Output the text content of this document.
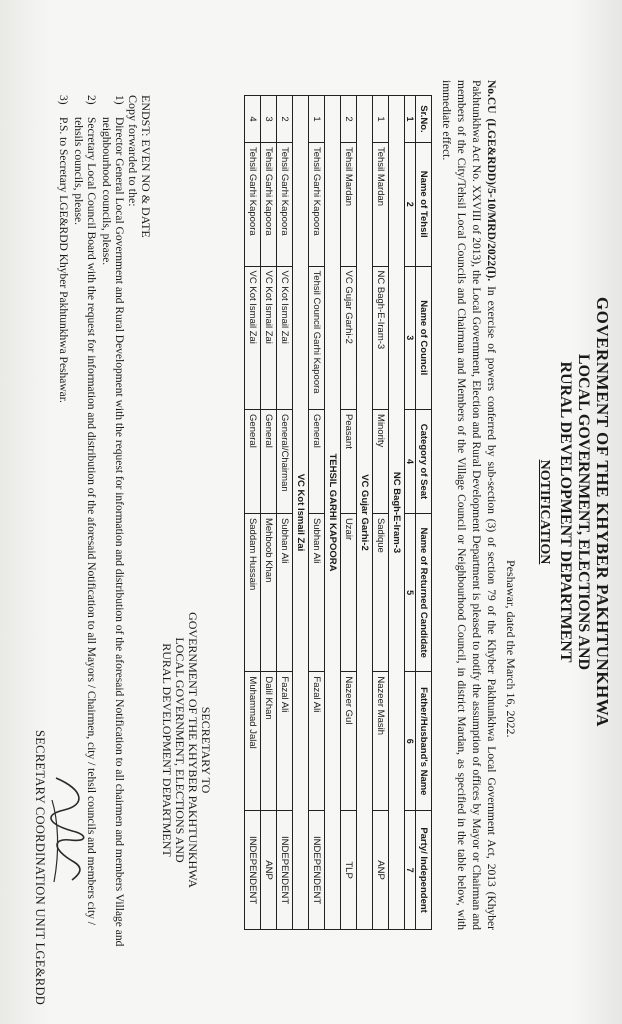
GOVERNMENT OF THE KHYBER PAKHTUNKHWA
LOCAL GOVERNMENT, ELECTIONS AND
RURAL DEVELOPMENT DEPARTMENT
NOTIFICATION
Peshawar, dated the March 16, 2022.
No.CU (LGE&RDD)/5-10/MRD/2022(I). In exercise of powers conferred by sub-section (3) of section 79 of the Khyber Pakhtunkhwa Local Government Act, 2013 (Khyber Pakhtunkhwa Act No. XXVIII of 2013), the Local Government, Election and Rural Development Department is pleased to notify the assumption of offices by Mayor or Chairman and members of the City/Tehsil Local Councils and Chairman and Members of the Village Council or Neighbourhood Council, in district Mardan, as specified in the table below, with immediate effect.
Sr.No.	Name of Tehsil	Name of Council	Category of Seat	Name of Returned Candidate	Father/Husband's Name	Party/ Independent
1	2	3	4	5	6	7
NC Bagh-E-Iram-3						
1	Tehsil Mardan	NC Bagh-E-Iram-3	Minority	Sadique	Nazeer Masih	ANP
VC Gujar Garhi-2						
2	Tehsil Mardan	VC Gujar Garhi-2	Peasant	Uzair	Nazeer Gul	TLP
TEHSIL GARHI KAPOORA						
1	Tehsil Garhi Kapoora	Tehsil Council Garhi Kapoora	General	Subhan Ali	Fazal Ali	INDEPENDENT
VC Kot Ismail Zai						
2	Tehsil Garhi Kapoora	VC Kot Ismail Zai	General/Chairman	Subhan Ali	Fazal Ali	INDEPENDENT
3	Tehsil Garhi Kapoora	VC Kot Ismail Zai	General	Mehboob Khan	Dalil Khan	ANP
4	Tehsil Garhi Kapoora	VC Kot Ismail Zai	General	Saddam Hussain	Muhammad Jalal	INDEPENDENT
SECRETARY TO
GOVERNMENT OF THE KHYBER PAKHTUNKHWA
LOCAL GOVERNMENT, ELECTIONS AND
RURAL DEVELOPMENT DEPARTMENT
ENDST: EVEN NO & DATE
Copy forwarded to the:
1)
Director General Local Government and Rural Development with the request for information and distribution of the aforesaid Notification to all chairmen and members Village and neighbourhood councils, please.
2)
Secretary Local Council Board with the request for information and distribution of the aforesaid Notification to all Mayors / Chairmen, city / tehsil councils and members city / tehsils councils, please.
3)
P.S. to Secretary LGE&RDD Khyber Pakhtunkhwa Peshawar.
SECRETARY COORDINATION UNIT LGE&RDD
